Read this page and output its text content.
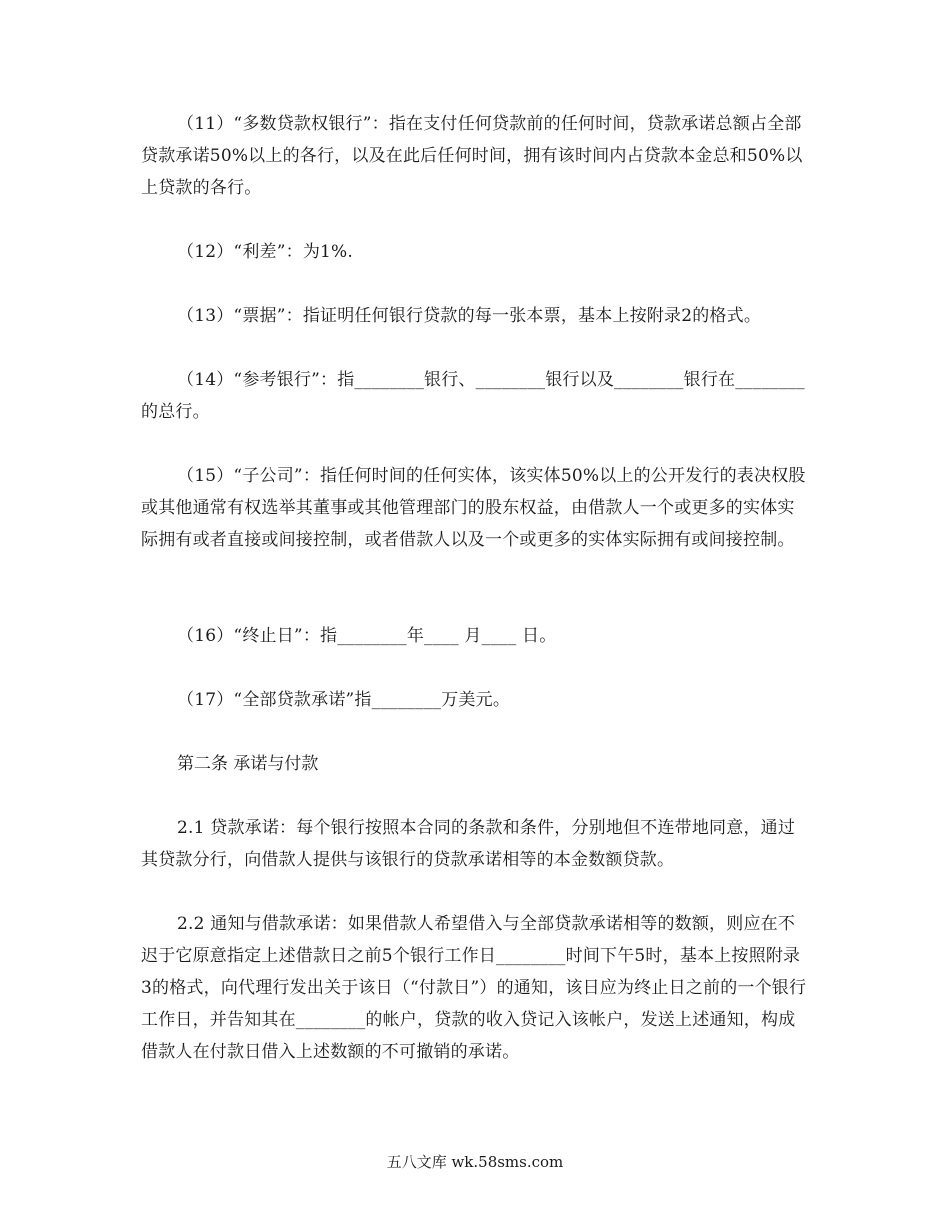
（11）“多数贷款权银行”：指在支付任何贷款前的任何时间，贷款承诺总额占全部贷款承诺50%以上的各行，以及在此后任何时间，拥有该时间内占贷款本金总和50%以上贷款的各行。

（12）“利差”：为1%.

（13）“票据”：指证明任何银行贷款的每一张本票，基本上按附录2的格式。

（14）“参考银行”：指________银行、________银行以及________银行在________的总行。

（15）“子公司”：指任何时间的任何实体，该实体50%以上的公开发行的表决权股或其他通常有权选举其董事或其他管理部门的股东权益，由借款人一个或更多的实体实际拥有或者直接或间接控制，或者借款人以及一个或更多的实体实际拥有或间接控制。

（16）“终止日”：指________年____ 月____ 日。

（17）“全部贷款承诺”指________万美元。

第二条 承诺与付款

2.1 贷款承诺：每个银行按照本合同的条款和条件，分别地但不连带地同意，通过其贷款分行，向借款人提供与该银行的贷款承诺相等的本金数额贷款。

2.2 通知与借款承诺：如果借款人希望借入与全部贷款承诺相等的数额，则应在不迟于它原意指定上述借款日之前5个银行工作日________时间下午5时，基本上按照附录3的格式，向代理行发出关于该日（“付款日”）的通知，该日应为终止日之前的一个银行工作日，并告知其在________的帐户，贷款的收入贷记入该帐户，发送上述通知，构成借款人在付款日借入上述数额的不可撤销的承诺。

五八文库 wk.58sms.com
